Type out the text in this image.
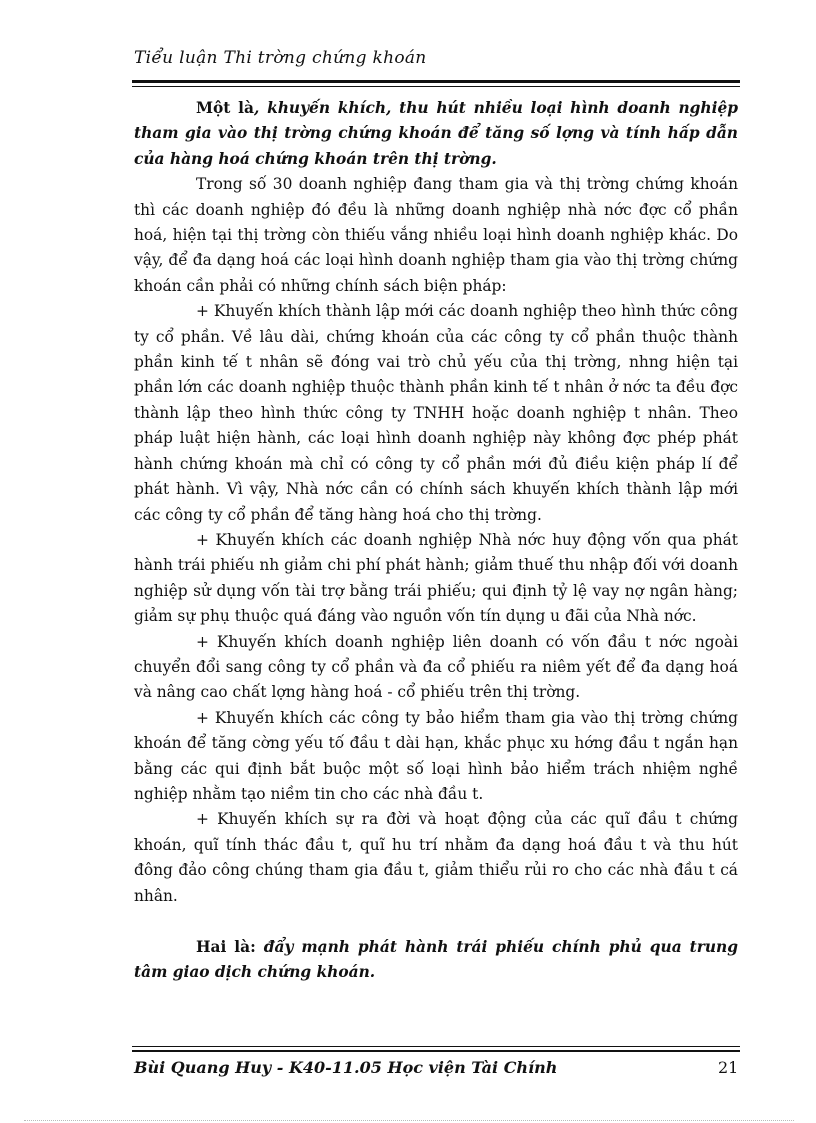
Tiểu luận Thi trờng chứng khoán

Một là, khuyến khích, thu hút nhiều loại hình doanh nghiệp tham gia vào thị trờng chứng khoán để tăng số lợng và tính hấp dẫn của hàng hoá chứng khoán trên thị trờng.

Trong số 30 doanh nghiệp đang tham gia và thị trờng chứng khoán thì các doanh nghiệp đó đều là những doanh nghiệp nhà nớc đợc cổ phần hoá, hiện tại thị trờng còn thiếu vắng nhiều loại hình doanh nghiệp khác. Do vậy, để đa dạng hoá các loại hình doanh nghiệp tham gia vào thị trờng chứng khoán cần phải có những chính sách biện pháp:

+ Khuyến khích thành lập mới các doanh nghiệp theo hình thức công ty cổ phần. Về lâu dài, chứng khoán của các công ty cổ phần thuộc thành phần kinh tế t nhân sẽ đóng vai trò chủ yếu của thị trờng, nhng hiện tại phần lớn các doanh nghiệp thuộc thành phần kinh tế t nhân ở nớc ta đều đợc thành lập theo hình thức công ty TNHH hoặc doanh nghiệp t nhân. Theo pháp luật hiện hành, các loại hình doanh nghiệp này không đợc phép phát hành chứng khoán mà chỉ có công ty cổ phần mới đủ điều kiện pháp lí để phát hành. Vì vậy, Nhà nớc cần có chính sách khuyến khích thành lập mới các công ty cổ phần để tăng hàng hoá cho thị trờng.

+ Khuyến khích các doanh nghiệp Nhà nớc huy động vốn qua phát hành trái phiếu nh giảm chi phí phát hành; giảm thuế thu nhập đối với doanh nghiệp sử dụng vốn tài trợ bằng trái phiếu; qui định tỷ lệ vay nợ ngân hàng; giảm sự phụ thuộc quá đáng vào nguồn vốn tín dụng u đãi của Nhà nớc.

+ Khuyến khích doanh nghiệp liên doanh có vốn đầu t nớc ngoài chuyển đổi sang công ty cổ phần và đa cổ phiếu ra niêm yết để đa dạng hoá và nâng cao chất lợng hàng hoá - cổ phiếu trên thị trờng.

+ Khuyến khích các công ty bảo hiểm tham gia vào thị trờng chứng khoán để tăng cờng yếu tố đầu t dài hạn, khắc phục xu hớng đầu t ngắn hạn bằng các qui định bắt buộc một số loại hình bảo hiểm trách nhiệm nghề nghiệp nhằm tạo niềm tin cho các nhà đầu t.

+ Khuyến khích sự ra đời và hoạt động của các quĩ đầu t chứng khoán, quĩ tính thác đầu t, quĩ hu trí nhằm đa dạng hoá đầu t và thu hút đông đảo công chúng tham gia đầu t, giảm thiểu rủi ro cho các nhà đầu t cá nhân.

Hai là: đẩy mạnh phát hành trái phiếu chính phủ qua trung tâm giao dịch chứng khoán.

Bùi Quang Huy - K40-11.05 Học viện Tài Chính	21
